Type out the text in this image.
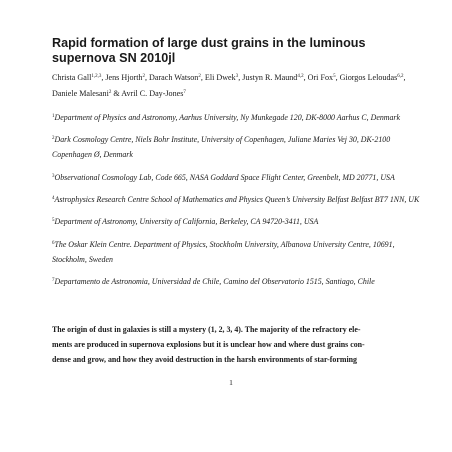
Rapid formation of large dust grains in the luminous
supernova SN 2010jl

Christa Gall$^{1,2,3}$, Jens Hjorth$^2$, Darach Watson$^2$, Eli Dwek$^3$, Justyn R. Maund$^{4,2}$, Ori Fox$^5$, Giorgos Leloudas$^{6,2}$, Daniele Malesani$^2$ & Avril C. Day-Jones$^7$

$^1$Department of Physics and Astronomy, Aarhus University, Ny Munkegade 120, DK-8000 Aarhus C, Denmark

$^2$Dark Cosmology Centre, Niels Bohr Institute, University of Copenhagen, Juliane Maries Vej 30, DK-2100 Copenhagen Ø, Denmark

$^3$Observational Cosmology Lab, Code 665, NASA Goddard Space Flight Center, Greenbelt, MD 20771, USA

$^4$Astrophysics Research Centre School of Mathematics and Physics Queen’s University Belfast Belfast BT7 1NN, UK

$^5$Department of Astronomy, University of California, Berkeley, CA 94720-3411, USA

$^6$The Oskar Klein Centre. Department of Physics, Stockholm University, Albanova University Centre, 10691, Stockholm, Sweden

$^7$Departamento de Astronomia, Universidad de Chile, Camino del Observatorio 1515, Santiago, Chile

The origin of dust in galaxies is still a mystery (1, 2, 3, 4). The majority of the refractory ele-
ments are produced in supernova explosions but it is unclear how and where dust grains con-
dense and grow, and how they avoid destruction in the harsh environments of star-forming

1
